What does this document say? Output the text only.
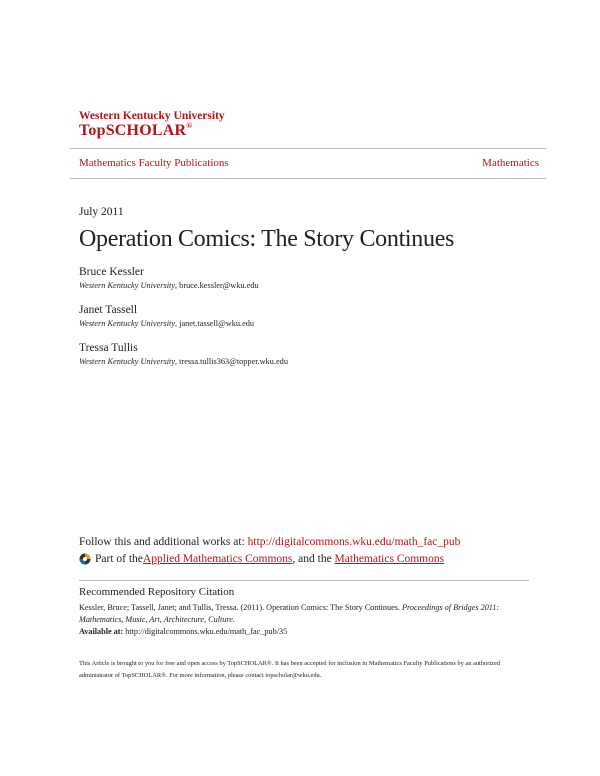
Western Kentucky University
TopSCHOLAR®
Mathematics Faculty Publications	Mathematics
July 2011
Operation Comics: The Story Continues
Bruce Kessler
Western Kentucky University, bruce.kessler@wku.edu
Janet Tassell
Western Kentucky University, janet.tassell@wku.edu
Tressa Tullis
Western Kentucky University, tressa.tullis363@topper.wku.edu
Follow this and additional works at: http://digitalcommons.wku.edu/math_fac_pub
Part of the Applied Mathematics Commons , and the Mathematics Commons
Recommended Repository Citation
Kessler, Bruce; Tassell, Janet; and Tullis, Tressa. (2011). Operation Comics: The Story Continues. Proceedings of Bridges 2011: Mathematics, Music, Art, Architecture, Culture.
Available at: http://digitalcommons.wku.edu/math_fac_pub/35
This Article is brought to you for free and open access by TopSCHOLAR®. It has been accepted for inclusion in Mathematics Faculty Publications by an authorized administrator of TopSCHOLAR®. For more information, please contact topscholar@wku.edu.
